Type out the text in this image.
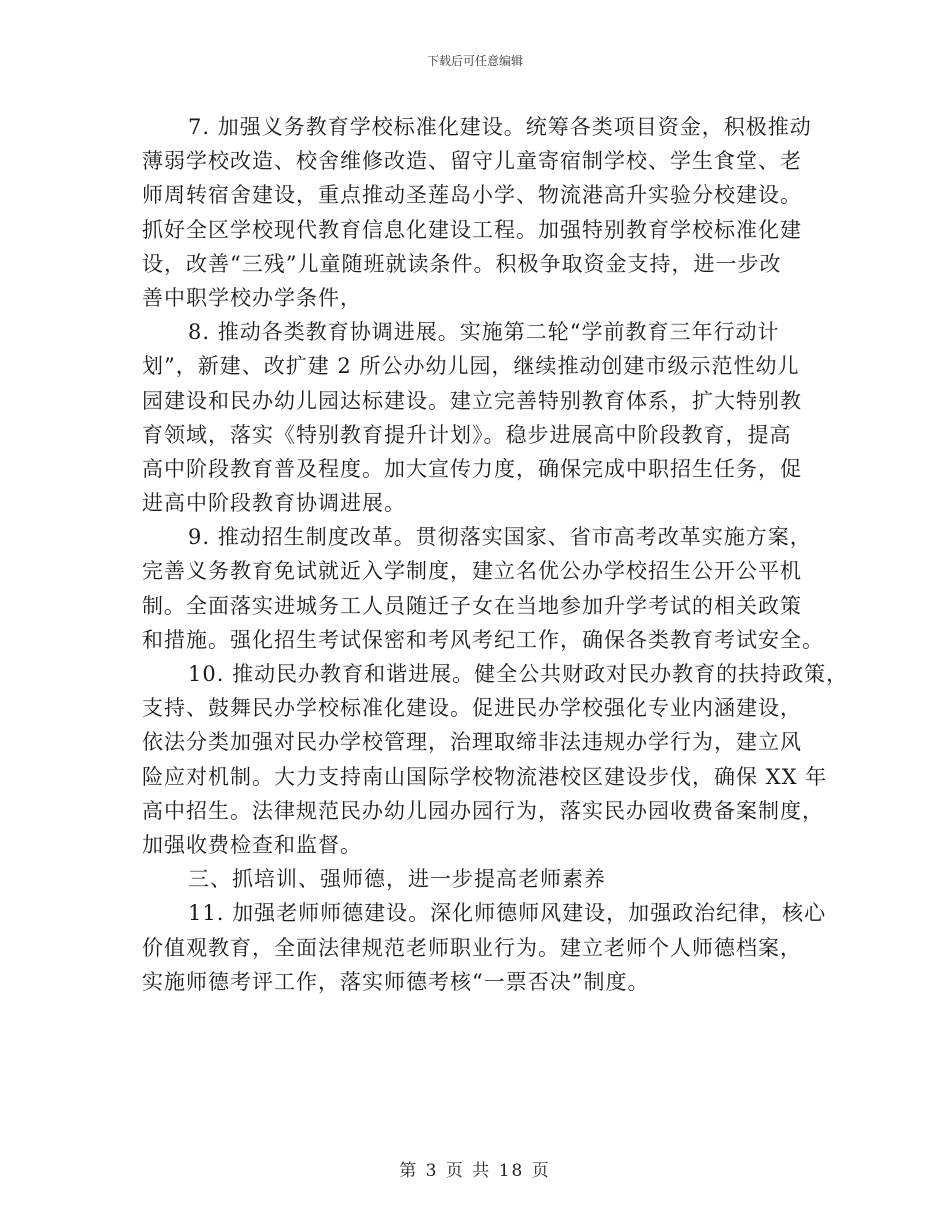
下载后可任意编辑
7. 加强义务教育学校标准化建设。统筹各类项目资金，积极推动
薄弱学校改造、校舍维修改造、留守儿童寄宿制学校、学生食堂、老
师周转宿舍建设，重点推动圣莲岛小学、物流港高升实验分校建设。
抓好全区学校现代教育信息化建设工程。加强特别教育学校标准化建
设，改善“三残”儿童随班就读条件。积极争取资金支持，进一步改
善中职学校办学条件，
8. 推动各类教育协调进展。实施第二轮“学前教育三年行动计
划”，新建、改扩建 2 所公办幼儿园，继续推动创建市级示范性幼儿
园建设和民办幼儿园达标建设。建立完善特别教育体系，扩大特别教
育领域，落实《特别教育提升计划》。稳步进展高中阶段教育，提高
高中阶段教育普及程度。加大宣传力度，确保完成中职招生任务，促
进高中阶段教育协调进展。
9. 推动招生制度改革。贯彻落实国家、省市高考改革实施方案，
完善义务教育免试就近入学制度，建立名优公办学校招生公开公平机
制。全面落实进城务工人员随迁子女在当地参加升学考试的相关政策
和措施。强化招生考试保密和考风考纪工作，确保各类教育考试安全。
10. 推动民办教育和谐进展。健全公共财政对民办教育的扶持政策，
支持、鼓舞民办学校标准化建设。促进民办学校强化专业内涵建设，
依法分类加强对民办学校管理，治理取缔非法违规办学行为，建立风
险应对机制。大力支持南山国际学校物流港校区建设步伐，确保 XX 年
高中招生。法律规范民办幼儿园办园行为，落实民办园收费备案制度，
加强收费检查和监督。
三、抓培训、强师德，进一步提高老师素养
11. 加强老师师德建设。深化师德师风建设，加强政治纪律，核心
价值观教育，全面法律规范老师职业行为。建立老师个人师德档案，
实施师德考评工作，落实师德考核“一票否决”制度。
第 3 页 共 18 页
